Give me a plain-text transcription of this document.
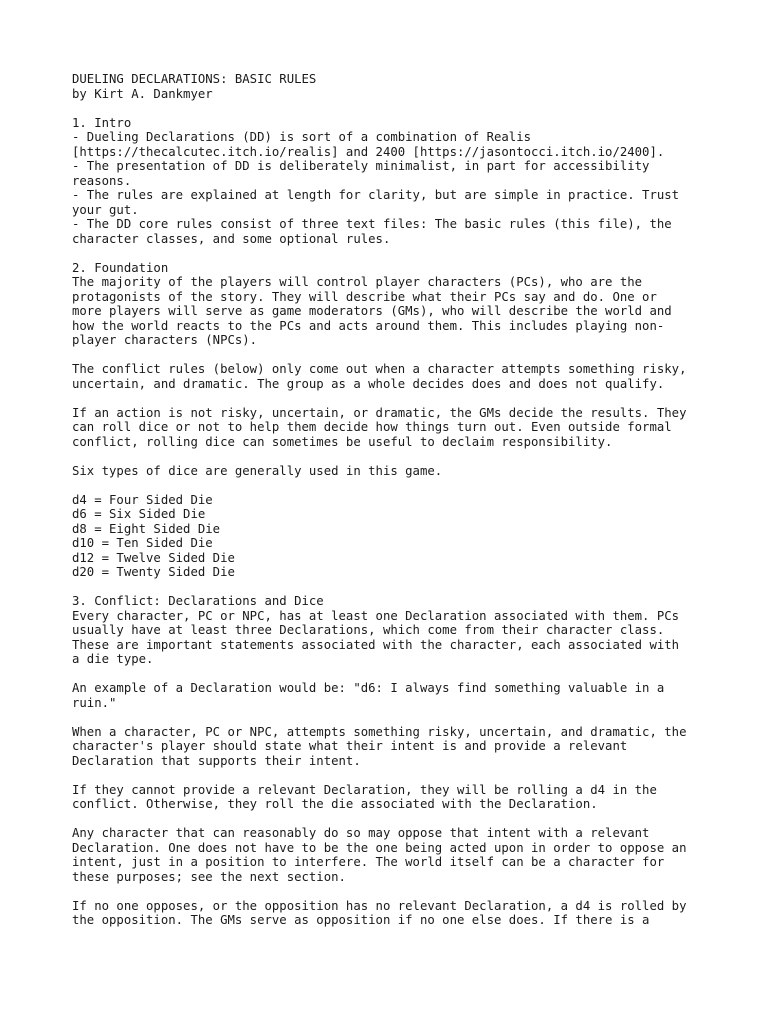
DUELING DECLARATIONS: BASIC RULES
by Kirt A. Dankmyer
1. Intro
- Dueling Declarations (DD) is sort of a combination of Realis
[https://thecalcutec.itch.io/realis] and 2400 [https://jasontocci.itch.io/2400].
- The presentation of DD is deliberately minimalist, in part for accessibility
reasons.
- The rules are explained at length for clarity, but are simple in practice. Trust
your gut.
- The DD core rules consist of three text files: The basic rules (this file), the
character classes, and some optional rules.
2. Foundation
The majority of the players will control player characters (PCs), who are the
protagonists of the story. They will describe what their PCs say and do. One or
more players will serve as game moderators (GMs), who will describe the world and
how the world reacts to the PCs and acts around them. This includes playing non-
player characters (NPCs).
The conflict rules (below) only come out when a character attempts something risky,
uncertain, and dramatic. The group as a whole decides does and does not qualify.
If an action is not risky, uncertain, or dramatic, the GMs decide the results. They
can roll dice or not to help them decide how things turn out. Even outside formal
conflict, rolling dice can sometimes be useful to declaim responsibility.
Six types of dice are generally used in this game.
d4 = Four Sided Die
d6 = Six Sided Die
d8 = Eight Sided Die
d10 = Ten Sided Die
d12 = Twelve Sided Die
d20 = Twenty Sided Die
3. Conflict: Declarations and Dice
Every character, PC or NPC, has at least one Declaration associated with them. PCs
usually have at least three Declarations, which come from their character class.
These are important statements associated with the character, each associated with
a die type.
An example of a Declaration would be: "d6: I always find something valuable in a
ruin."
When a character, PC or NPC, attempts something risky, uncertain, and dramatic, the
character's player should state what their intent is and provide a relevant
Declaration that supports their intent.
If they cannot provide a relevant Declaration, they will be rolling a d4 in the
conflict. Otherwise, they roll the die associated with the Declaration.
Any character that can reasonably do so may oppose that intent with a relevant
Declaration. One does not have to be the one being acted upon in order to oppose an
intent, just in a position to interfere. The world itself can be a character for
these purposes; see the next section.
If no one opposes, or the opposition has no relevant Declaration, a d4 is rolled by
the opposition. The GMs serve as opposition if no one else does. If there is a
